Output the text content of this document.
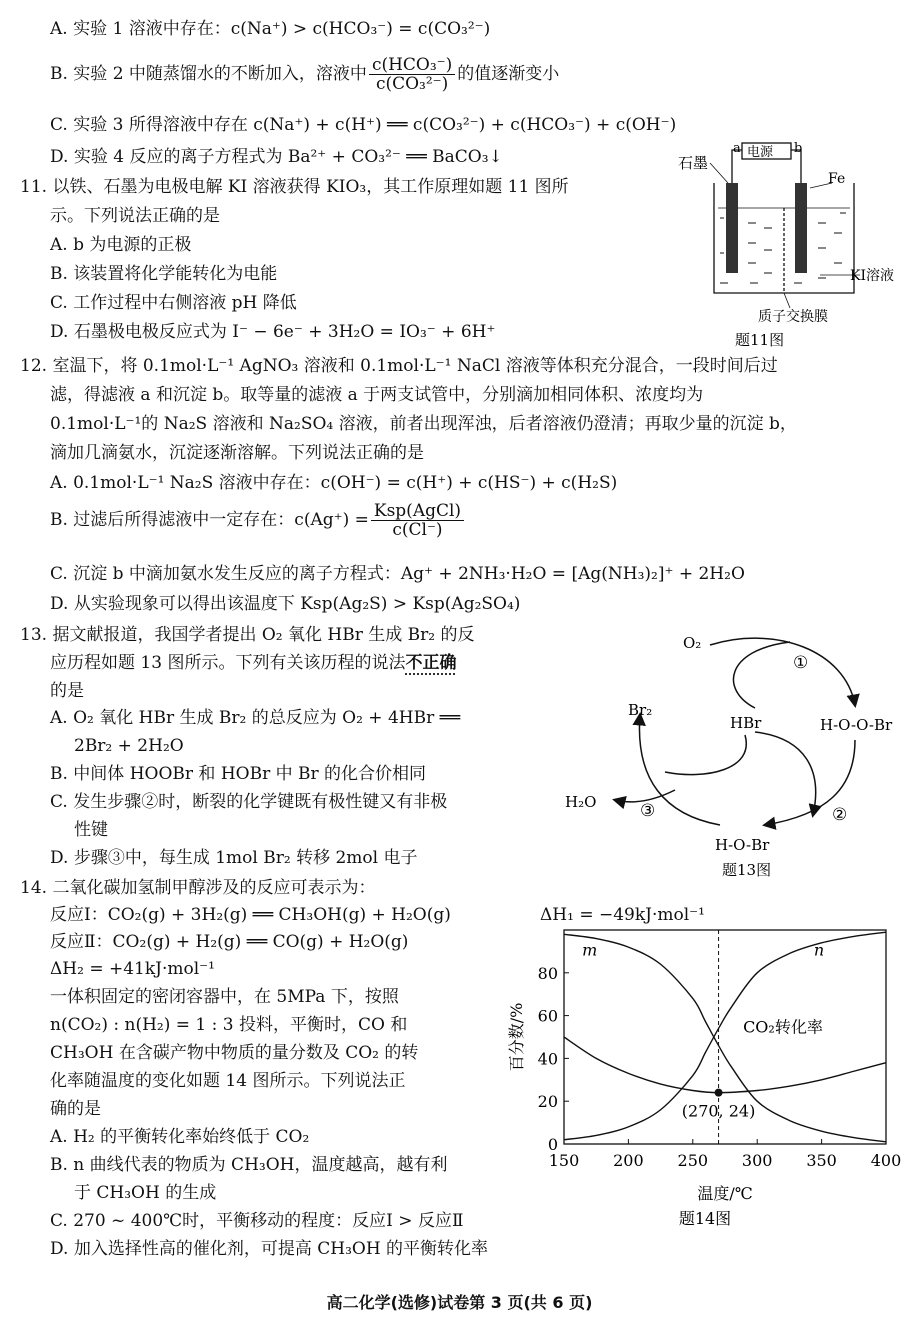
A. 实验 1 溶液中存在：c(Na⁺) > c(HCO₃⁻) = c(CO₃²⁻)
B. 实验 2 中随蒸馏水的不断加入，溶液中 $\frac{\text{c(HCO₃⁻)}}{\text{c(CO₃²⁻)}}$ 的值逐渐变小
C. 实验 3 所得溶液中存在 c(Na⁺) + c(H⁺) ══ c(CO₃²⁻) + c(HCO₃⁻) + c(OH⁻)
D. 实验 4 反应的离子方程式为 Ba²⁺ + CO₃²⁻ ══ BaCO₃↓
11. 以铁、石墨为电极电解 KI 溶液获得 KIO₃，其工作原理如题 11 图所
示。下列说法正确的是
A. b 为电源的正极
B. 该装置将化学能转化为电能
C. 工作过程中右侧溶液 pH 降低
D. 石墨极电极反应式为 I⁻ − 6e⁻ + 3H₂O = IO₃⁻ + 6H⁺
石墨
a 电源 b
Fe
KI溶液
质子交换膜
题11图
12. 室温下，将 0.1mol·L⁻¹ AgNO₃ 溶液和 0.1mol·L⁻¹ NaCl 溶液等体积充分混合，一段时间后过
滤，得滤液 a 和沉淀 b。取等量的滤液 a 于两支试管中，分别滴加相同体积、浓度均为
0.1mol·L⁻¹的 Na₂S 溶液和 Na₂SO₄ 溶液，前者出现浑浊，后者溶液仍澄清；再取少量的沉淀 b，
滴加几滴氨水，沉淀逐渐溶解。下列说法正确的是
A. 0.1mol·L⁻¹ Na₂S 溶液中存在：c(OH⁻) = c(H⁺) + c(HS⁻) + c(H₂S)
B. 过滤后所得滤液中一定存在：$c(Ag^+) = \frac{\text{Ksp(AgCl)}}{c(Cl^-)}$
C. 沉淀 b 中滴加氨水发生反应的离子方程式：Ag⁺ + 2NH₃·H₂O = [Ag(NH₃)₂]⁺ + 2H₂O
D. 从实验现象可以得出该温度下 Ksp(Ag₂S) > Ksp(Ag₂SO₄)
13. 据文献报道，我国学者提出 O₂ 氧化 HBr 生成 Br₂ 的反
应历程如题 13 图所示。下列有关该历程的说法不正确
的是
A. O₂ 氧化 HBr 生成 Br₂ 的总反应为 O₂ + 4HBr ══
2Br₂ + 2H₂O
B. 中间体 HOOBr 和 HOBr 中 Br 的化合价相同
C. 发生步骤②时，断裂的化学键既有极性键又有非极
性键
D. 步骤③中，每生成 1mol Br₂ 转移 2mol 电子
O₂
H-O-O-Br
HBr
Br₂
H₂O
H-O-Br
①
②
③
题13图
14. 二氧化碳加氢制甲醇涉及的反应可表示为：
反应Ⅰ：CO₂(g) + 3H₂(g) ══ CH₃OH(g) + H₂O(g)	ΔH₁ = −49kJ·mol⁻¹
反应Ⅱ：CO₂(g) + H₂(g) ══ CO(g) + H₂O(g)
ΔH₂ = +41kJ·mol⁻¹
一体积固定的密闭容器中，在 5MPa 下，按照
n(CO₂) : n(H₂) = 1 : 3 投料，平衡时，CO 和
CH₃OH 在含碳产物中物质的量分数及 CO₂ 的转
化率随温度的变化如题 14 图所示。下列说法正
确的是
A. H₂ 的平衡转化率始终低于 CO₂
B. n 曲线代表的物质为 CH₃OH，温度越高，越有利
于 CH₃OH 的生成
C. 270 ~ 400℃时，平衡移动的程度：反应Ⅰ > 反应Ⅱ
D. 加入选择性高的催化剂，可提高 CH₃OH 的平衡转化率
150 200 250 300 350 400
0
20
40
60
80
m	n
CO₂转化率
(270, 24)
百分数/%
温度/℃
题14图
高二化学(选修)试卷第 3 页(共 6 页)
